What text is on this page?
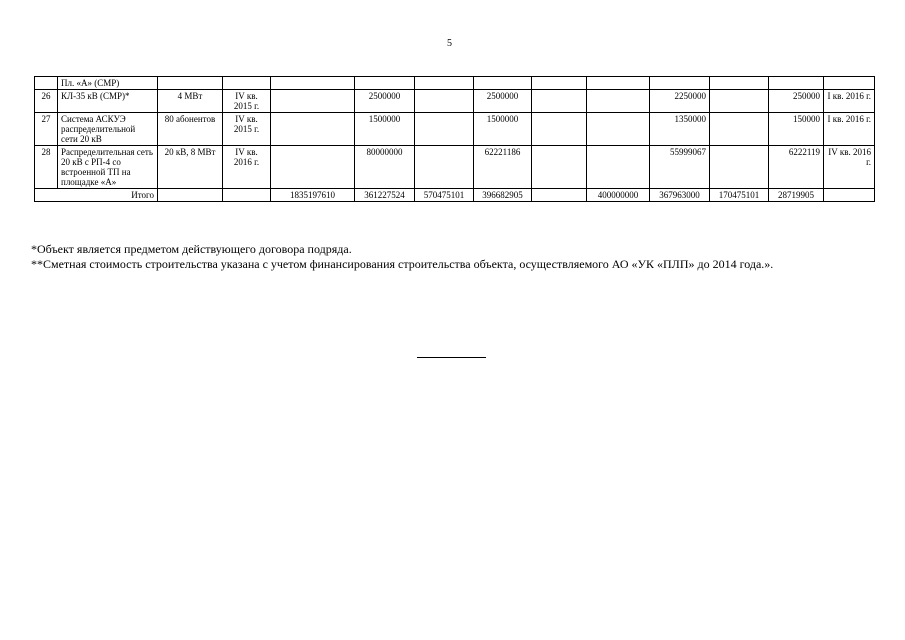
5
	Пл. «А» (СМР)												
26	КЛ-35 кВ (СМР)*	4 МВт	IV кв. 2015 г.		2500000		2500000			2250000		250000	I кв. 2016 г.
27	Система АСКУЭ распределительной сети 20 кВ	80 абонентов	IV кв. 2015 г.		1500000		1500000			1350000		150000	I кв. 2016 г.
28	Распределительная сеть 20 кВ с РП-4 со встроенной ТП на площадке «А»	20 кВ, 8 МВт	IV кв. 2016 г.		80000000		62221186			55999067		6222119	IV кв. 2016 г.
Итого				1835197610	361227524	570475101	396682905		400000000	367963000	170475101	28719905	

*Объект является предметом действующего договора подряда.

**Сметная стоимость строительства указана с учетом финансирования строительства объекта, осуществляемого АО «УК «ПЛП» до 2014 года.».
